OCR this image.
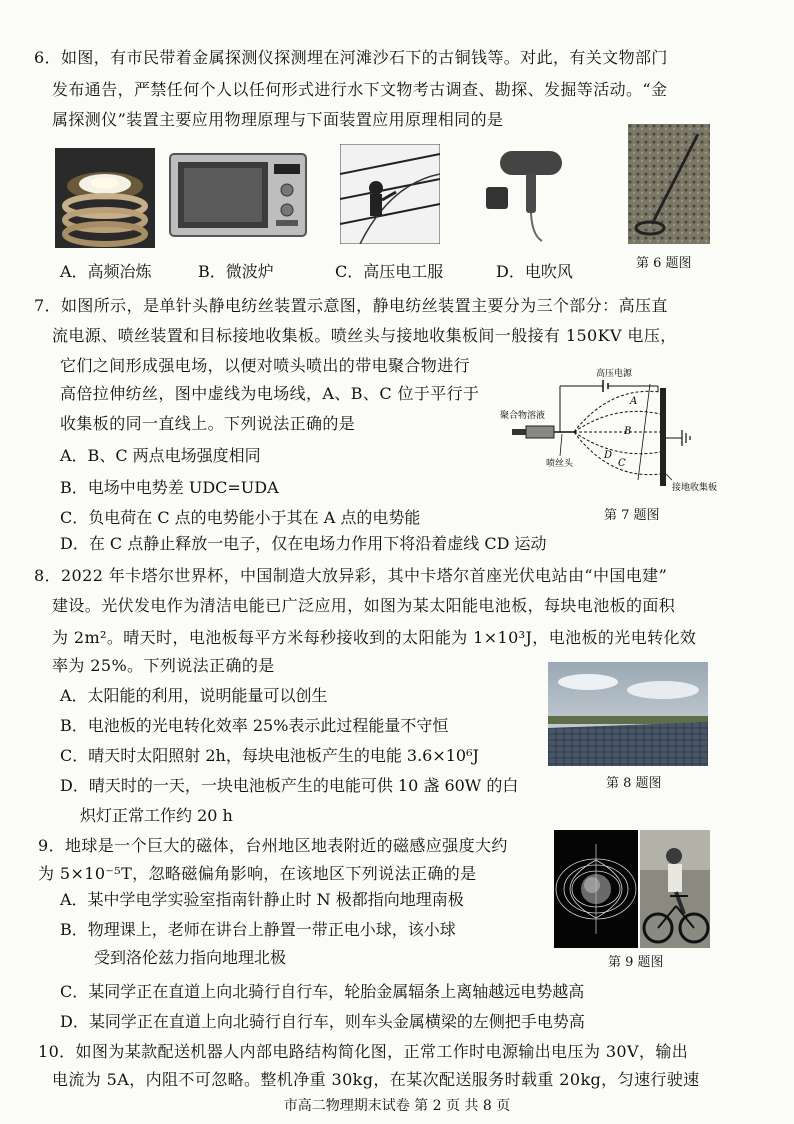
6．如图，有市民带着金属探测仪探测埋在河滩沙石下的古铜钱等。对此，有关文物部门
发布通告，严禁任何个人以任何形式进行水下文物考古调查、勘探、发掘等活动。“金
属探测仪”装置主要应用物理原理与下面装置应用原理相同的是
A．高频冶炼	B．微波炉	C．高压电工服	D．电吹风	第 6 题图
7．如图所示，是单针头静电纺丝装置示意图，静电纺丝装置主要分为三个部分：高压直
流电源、喷丝装置和目标接地收集板。喷丝头与接地收集板间一般接有 150KV 电压，
它们之间形成强电场，以便对喷头喷出的带电聚合物进行
高倍拉伸纺丝，图中虚线为电场线，A、B、C 位于平行于
收集板的同一直线上。下列说法正确的是
A．B、C 两点电场强度相同
B．电场中电势差 UDC=UDA
C．负电荷在 C 点的电势能小于其在 A 点的电势能
D．在 C 点静止释放一电子，仅在电场力作用下将沿着虚线 CD 运动
高压电源
聚合物溶液
喷丝头
A
B
C
D
接地收集板
第 7 题图
8．2022 年卡塔尔世界杯，中国制造大放异彩，其中卡塔尔首座光伏电站由“中国电建”
建设。光伏发电作为清洁电能已广泛应用，如图为某太阳能电池板，每块电池板的面积
为 2m²。晴天时，电池板每平方米每秒接收到的太阳能为 1×10³J，电池板的光电转化效
率为 25%。下列说法正确的是
A．太阳能的利用，说明能量可以创生
B．电池板的光电转化效率 25%表示此过程能量不守恒
C．晴天时太阳照射 2h，每块电池板产生的电能 3.6×10⁶J
D．晴天时的一天，一块电池板产生的电能可供 10 盏 60W 的白
炽灯正常工作约 20 h
第 8 题图
9．地球是一个巨大的磁体，台州地区地表附近的磁感应强度大约
为 5×10⁻⁵T，忽略磁偏角影响，在该地区下列说法正确的是
A．某中学电学实验室指南针静止时 N 极都指向地理南极
B．物理课上，老师在讲台上静置一带正电小球，该小球
受到洛伦兹力指向地理北极
C．某同学正在直道上向北骑行自行车，轮胎金属辐条上离轴越远电势越高
D．某同学正在直道上向北骑行自行车，则车头金属横梁的左侧把手电势高
第 9 题图
10．如图为某款配送机器人内部电路结构简化图，正常工作时电源输出电压为 30V，输出
电流为 5A，内阻不可忽略。整机净重 30kg，在某次配送服务时载重 20kg，匀速行驶速
市高二物理期末试卷 第 2 页 共 8 页
